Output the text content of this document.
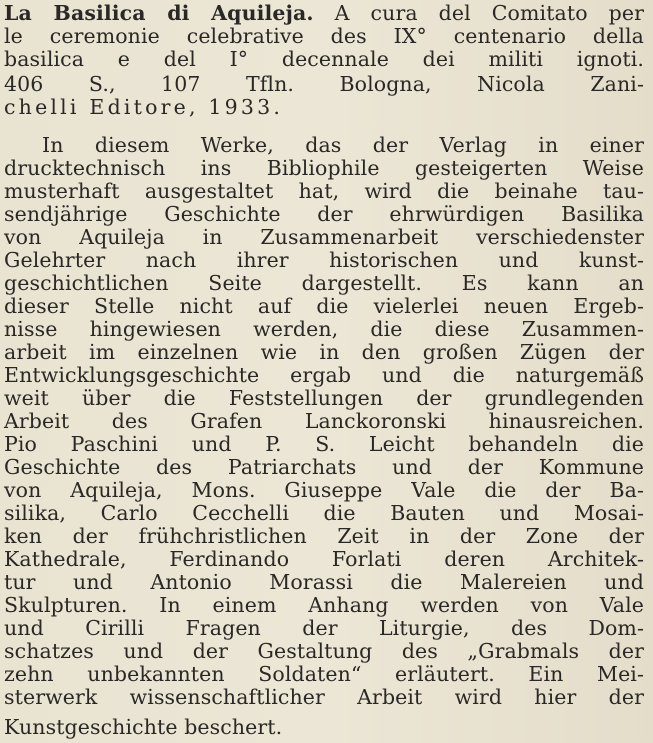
La Basilica di Aquileja. A cura del Comitato per
le ceremonie celebrative des IX° centenario della
basilica e del I° decennale dei militi ignoti.
406 S., 107 Tfln. Bologna, Nicola Zani-
chelli Editore, 1933.
In diesem Werke, das der Verlag in einer
drucktechnisch ins Bibliophile gesteigerten Weise
musterhaft ausgestaltet hat, wird die beinahe tau-
sendjährige Geschichte der ehrwürdigen Basilika
von Aquileja in Zusammenarbeit verschiedenster
Gelehrter nach ihrer historischen und kunst-
geschichtlichen Seite dargestellt. Es kann an
dieser Stelle nicht auf die vielerlei neuen Ergeb-
nisse hingewiesen werden, die diese Zusammen-
arbeit im einzelnen wie in den großen Zügen der
Entwicklungsgeschichte ergab und die naturgemäß
weit über die Feststellungen der grundlegenden
Arbeit des Grafen Lanckoronski hinausreichen.
Pio Paschini und P. S. Leicht behandeln die
Geschichte des Patriarchats und der Kommune
von Aquileja, Mons. Giuseppe Vale die der Ba-
silika, Carlo Cecchelli die Bauten und Mosai-
ken der frühchristlichen Zeit in der Zone der
Kathedrale, Ferdinando Forlati deren Architek-
tur und Antonio Morassi die Malereien und
Skulpturen. In einem Anhang werden von Vale
und Cirilli Fragen der Liturgie, des Dom-
schatzes und der Gestaltung des „Grabmals der
zehn unbekannten Soldaten“ erläutert. Ein Mei-
sterwerk wissenschaftlicher Arbeit wird hier der
Kunstgeschichte beschert.
